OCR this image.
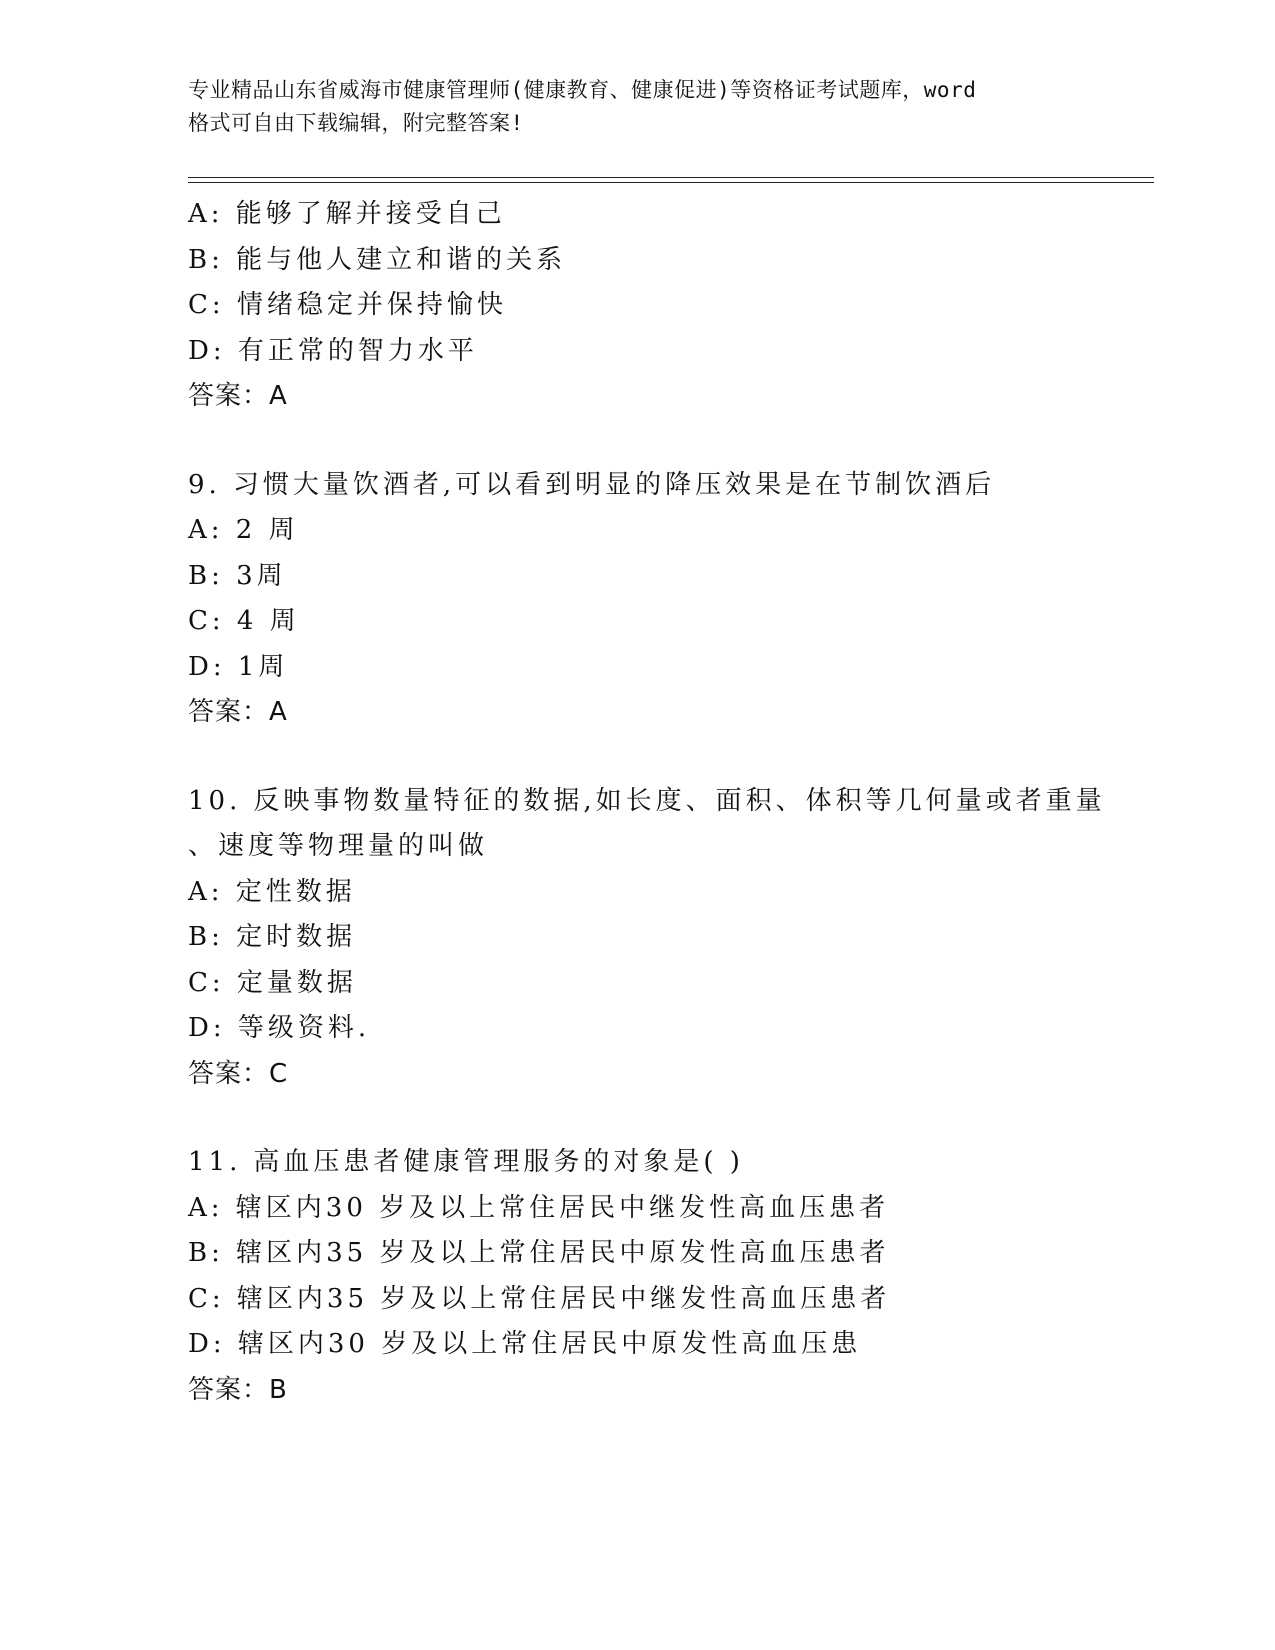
专业精品山东省威海市健康管理师(健康教育、健康促进)等资格证考试题库，word
格式可自由下载编辑，附完整答案!
A: 能够了解并接受自己
B: 能与他人建立和谐的关系
C: 情绪稳定并保持愉快
D: 有正常的智力水平
答案：A
9. 习惯大量饮酒者,可以看到明显的降压效果是在节制饮酒后
A: 2 周
B: 3周
C: 4 周
D: 1周
答案：A
10. 反映事物数量特征的数据,如长度、面积、体积等几何量或者重量
、速度等物理量的叫做
A: 定性数据
B: 定时数据
C: 定量数据
D: 等级资料.
答案：C
11. 高血压患者健康管理服务的对象是( )
A: 辖区内30 岁及以上常住居民中继发性高血压患者
B: 辖区内35 岁及以上常住居民中原发性高血压患者
C: 辖区内35 岁及以上常住居民中继发性高血压患者
D: 辖区内30 岁及以上常住居民中原发性高血压患
答案：B
